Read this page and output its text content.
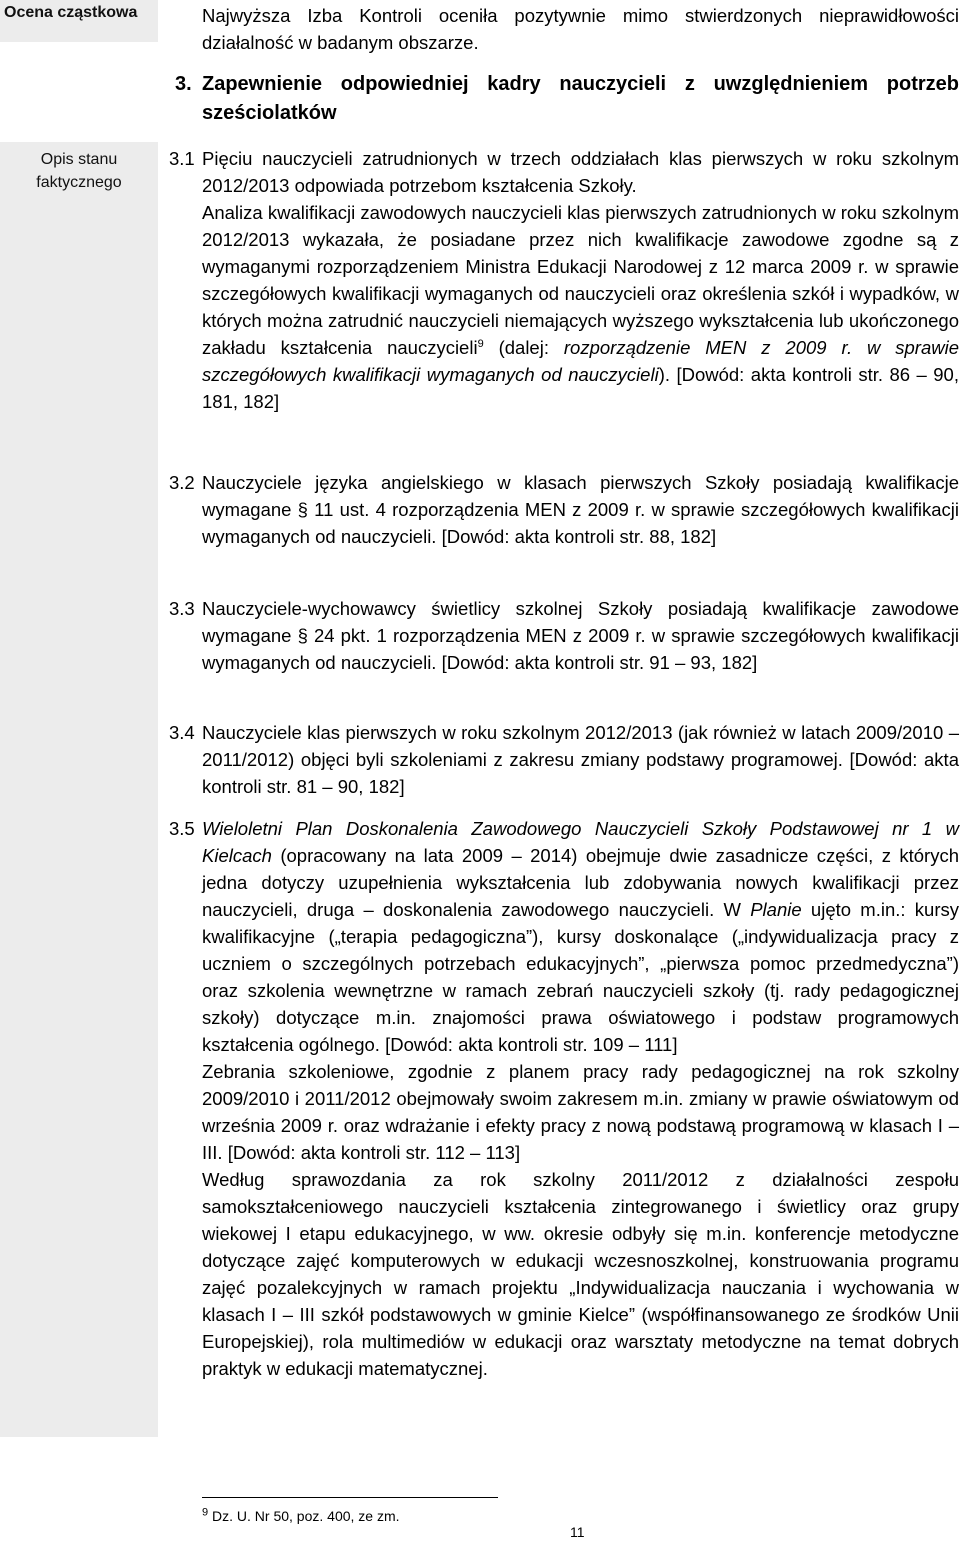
Ocena cząstkowa
Opis stanu
faktycznego

Najwyższa Izba Kontroli oceniła pozytywnie mimo stwierdzonych nieprawidłowości działalność w badanym obszarze.

3. Zapewnienie odpowiedniej kadry nauczycieli z uwzględnieniem potrzeb sześciolatków
3.1 Pięciu nauczycieli zatrudnionych w trzech oddziałach klas pierwszych w roku szkolnym 2012/2013 odpowiada potrzebom kształcenia Szkoły.

Analiza kwalifikacji zawodowych nauczycieli klas pierwszych zatrudnionych w roku szkolnym 2012/2013 wykazała, że posiadane przez nich kwalifikacje zawodowe zgodne są z wymaganymi rozporządzeniem Ministra Edukacji Narodowej z 12 marca 2009 r. w sprawie szczegółowych kwalifikacji wymaganych od nauczycieli oraz określenia szkół i wypadków, w których można zatrudnić nauczycieli niemających wyższego wykształcenia lub ukończonego zakładu kształcenia nauczycieli$^9$ (dalej: rozporządzenie MEN z 2009 r. w sprawie szczegółowych kwalifikacji wymaganych od nauczycieli). [Dowód: akta kontroli str. 86 – 90, 181, 182]

3.2 Nauczyciele języka angielskiego w klasach pierwszych Szkoły posiadają kwalifikacje wymagane § 11 ust. 4 rozporządzenia MEN z 2009 r. w sprawie szczegółowych kwalifikacji wymaganych od nauczycieli. [Dowód: akta kontroli str. 88, 182]
3.3 Nauczyciele-wychowawcy świetlicy szkolnej Szkoły posiadają kwalifikacje zawodowe wymagane § 24 pkt. 1 rozporządzenia MEN z 2009 r. w sprawie szczegółowych kwalifikacji wymaganych od nauczycieli. [Dowód: akta kontroli str. 91 – 93, 182]
3.4 Nauczyciele klas pierwszych w roku szkolnym 2012/2013 (jak również w latach 2009/2010 – 2011/2012) objęci byli szkoleniami z zakresu zmiany podstawy programowej. [Dowód: akta kontroli str. 81 – 90, 182]
3.5 Wieloletni Plan Doskonalenia Zawodowego Nauczycieli Szkoły Podstawowej nr 1 w Kielcach (opracowany na lata 2009 – 2014) obejmuje dwie zasadnicze części, z których jedna dotyczy uzupełnienia wykształcenia lub zdobywania nowych kwalifikacji przez nauczycieli, druga – doskonalenia zawodowego nauczycieli. W Planie ujęto m.in.: kursy kwalifikacyjne („terapia pedagogiczna”), kursy doskonalące („indywidualizacja pracy z uczniem o szczególnych potrzebach edukacyjnych”, „pierwsza pomoc przedmedyczna”) oraz szkolenia wewnętrzne w ramach zebrań nauczycieli szkoły (tj. rady pedagogicznej szkoły) dotyczące m.in. znajomości prawa oświatowego i podstaw programowych kształcenia ogólnego. [Dowód: akta kontroli str. 109 – 111]

Zebrania szkoleniowe, zgodnie z planem pracy rady pedagogicznej na rok szkolny 2009/2010 i 2011/2012 obejmowały swoim zakresem m.in. zmiany w prawie oświatowym od września 2009 r. oraz wdrażanie i efekty pracy z nową podstawą programową w klasach I – III. [Dowód: akta kontroli str. 112 – 113]

Według sprawozdania za rok szkolny 2011/2012 z działalności zespołu samokształceniowego nauczycieli kształcenia zintegrowanego i świetlicy oraz grupy wiekowej I etapu edukacyjnego, w ww. okresie odbyły się m.in. konferencje metodyczne dotyczące zajęć komputerowych w edukacji wczesnoszkolnej, konstruowania programu zajęć pozalekcyjnych w ramach projektu „Indywidualizacja nauczania i wychowania w klasach I – III szkół podstawowych w gminie Kielce” (współfinansowanego ze środków Unii Europejskiej), rola multimediów w edukacji oraz warsztaty metodyczne na temat dobrych praktyk w edukacji matematycznej.

$^9$ Dz. U. Nr 50, poz. 400, ze zm.
11
